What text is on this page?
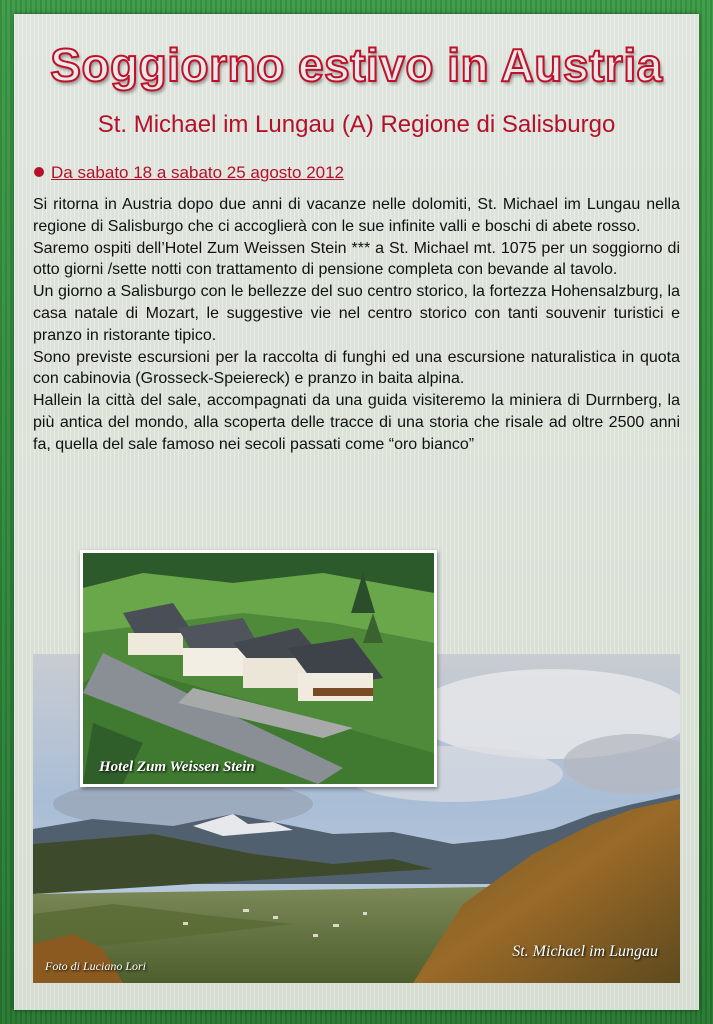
Soggiorno estivo in Austria
St. Michael im Lungau (A) Regione di Salisburgo
Da sabato 18 a sabato 25 agosto 2012

Si ritorna in Austria dopo due anni di vacanze nelle dolomiti, St. Michael im Lungau nella regione di Salisburgo che ci accoglierà con le sue infinite valli e boschi di abete rosso.

Saremo ospiti dell’Hotel Zum Weissen Stein *** a St. Michael mt. 1075 per un soggiorno di otto giorni /sette notti con trattamento di pensione completa con bevande al tavolo.

Un giorno a Salisburgo con le bellezze del suo centro storico, la fortezza Hohensalzburg, la casa natale di Mozart, le suggestive vie nel centro storico con tanti souvenir turistici e pranzo in ristorante tipico.

Sono previste escursioni per la raccolta di funghi ed una escursione naturalistica in quota con cabinovia (Grosseck-Speiereck) e pranzo in baita alpina.

Hallein la città del sale, accompagnati da una guida visiteremo la miniera di Durrnberg, la più antica del mondo, alla scoperta delle tracce di una storia che risale ad oltre 2500 anni fa, quella del sale famoso nei secoli passati come “oro bianco”

St. Michael im Lungau
Foto di Luciano Lori
Hotel Zum Weissen Stein
